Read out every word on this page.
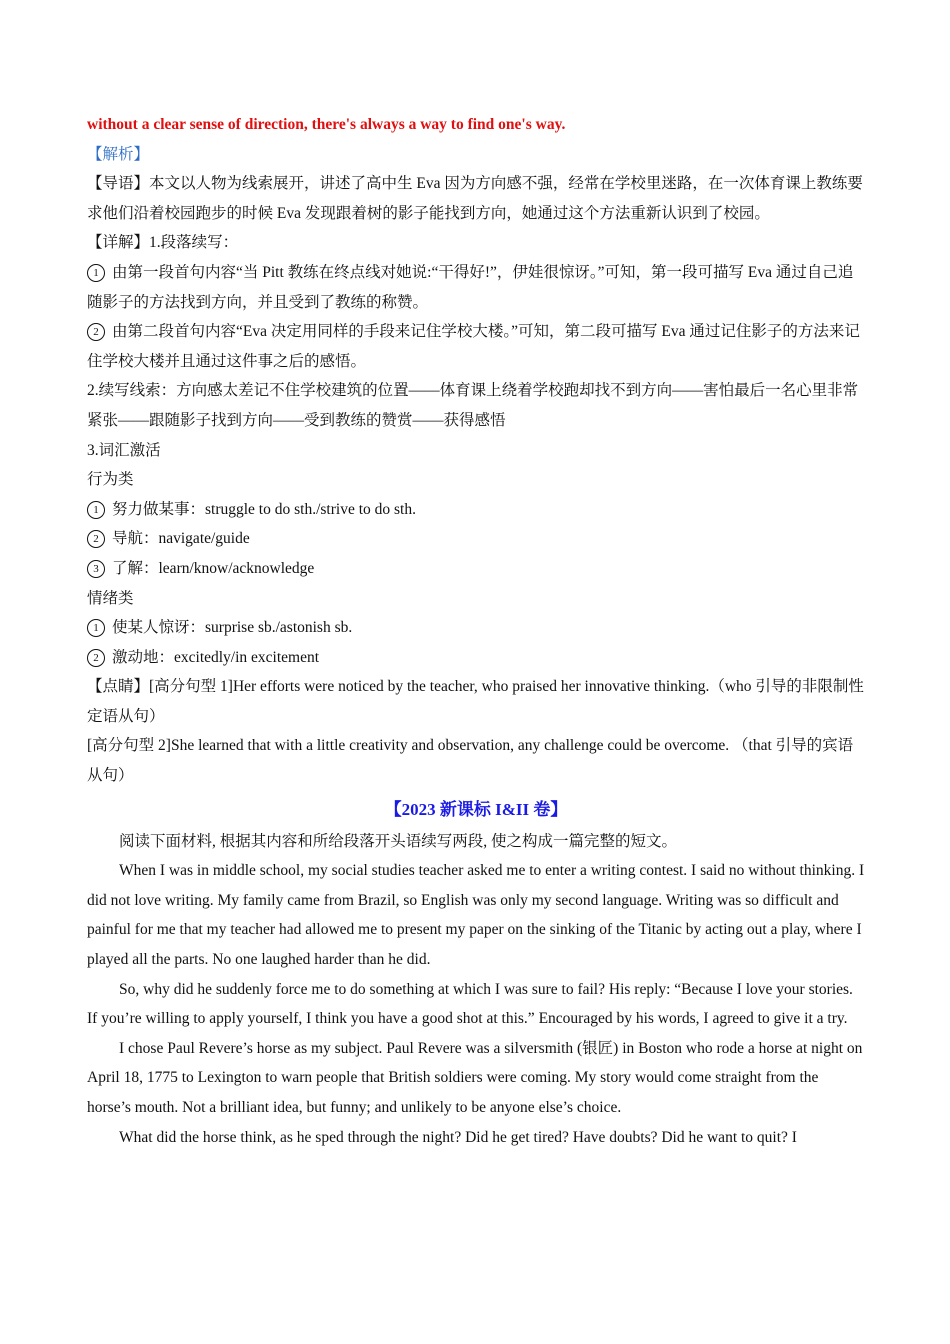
without a clear sense of direction, there's always a way to find one's way.

【解析】

【导语】本文以人物为线索展开，讲述了高中生 Eva 因为方向感不强，经常在学校里迷路，在一次体育课上教练要求他们沿着校园跑步的时候 Eva 发现跟着树的影子能找到方向，她通过这个方法重新认识到了校园。

【详解】1.段落续写：

1 由第一段首句内容“当 Pitt 教练在终点线对她说:“干得好!”，伊娃很惊讶。”可知，第一段可描写 Eva 通过自己追随影子的方法找到方向，并且受到了教练的称赞。

2 由第二段首句内容“Eva 决定用同样的手段来记住学校大楼。”可知，第二段可描写 Eva 通过记住影子的方法来记住学校大楼并且通过这件事之后的感悟。

2.续写线索：方向感太差记不住学校建筑的位置——体育课上绕着学校跑却找不到方向——害怕最后一名心里非常紧张——跟随影子找到方向——受到教练的赞赏——获得感悟

3.词汇激活

行为类

1 努力做某事：struggle to do sth./strive to do sth.

2 导航：navigate/guide

3 了解：learn/know/acknowledge

情绪类

1 使某人惊讶：surprise sb./astonish sb.

2 激动地：excitedly/in excitement

【点睛】[高分句型 1]Her efforts were noticed by the teacher, who praised her innovative thinking.（who 引导的非限制性定语从句）

[高分句型 2]She learned that with a little creativity and observation, any challenge could be overcome. （that 引导的宾语从句）

【2023 新课标 I&II 卷】

阅读下面材料, 根据其内容和所给段落开头语续写两段, 使之构成一篇完整的短文。

When I was in middle school, my social studies teacher asked me to enter a writing contest. I said no without thinking. I did not love writing. My family came from Brazil, so English was only my second language. Writing was so difficult and painful for me that my teacher had allowed me to present my paper on the sinking of the Titanic by acting out a play, where I played all the parts. No one laughed harder than he did.

So, why did he suddenly force me to do something at which I was sure to fail? His reply: “Because I love your stories. If you’re willing to apply yourself, I think you have a good shot at this.” Encouraged by his words, I agreed to give it a try.

I chose Paul Revere’s horse as my subject. Paul Revere was a silversmith (银匠) in Boston who rode a horse at night on April 18, 1775 to Lexington to warn people that British soldiers were coming. My story would come straight from the horse’s mouth. Not a brilliant idea, but funny; and unlikely to be anyone else’s choice.

What did the horse think, as he sped through the night? Did he get tired? Have doubts? Did he want to quit? I
